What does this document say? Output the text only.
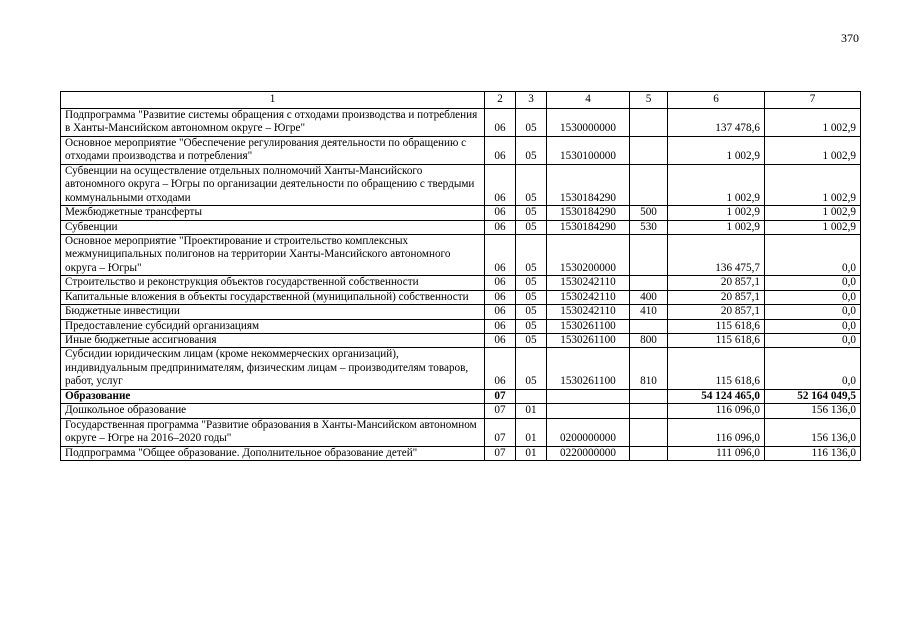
370
1	2	3	4	5	6	7
Подпрограмма "Развитие системы обращения с отходами производства и потребления в Ханты-Мансийском автономном округе – Югре"	06	05	1530000000		137 478,6	1 002,9
Основное мероприятие "Обеспечение регулирования деятельности по обращению с отходами производства и потребления"	06	05	1530100000		1 002,9	1 002,9
Субвенции на осуществление отдельных полномочий Ханты-Мансийского автономного округа – Югры по организации деятельности по обращению с твердыми коммунальными отходами	06	05	1530184290		1 002,9	1 002,9
Межбюджетные трансферты	06	05	1530184290	500	1 002,9	1 002,9
Субвенции	06	05	1530184290	530	1 002,9	1 002,9
Основное мероприятие "Проектирование и строительство комплексных межмуниципальных полигонов на территории Ханты-Мансийского автономного округа – Югры"	06	05	1530200000		136 475,7	0,0
Строительство и реконструкция объектов государственной собственности	06	05	1530242110		20 857,1	0,0
Капитальные вложения в объекты государственной (муниципальной) собственности	06	05	1530242110	400	20 857,1	0,0
Бюджетные инвестиции	06	05	1530242110	410	20 857,1	0,0
Предоставление субсидий организациям	06	05	1530261100		115 618,6	0,0
Иные бюджетные ассигнования	06	05	1530261100	800	115 618,6	0,0
Субсидии юридическим лицам (кроме некоммерческих организаций), индивидуальным предпринимателям, физическим лицам – производителям товаров, работ, услуг	06	05	1530261100	810	115 618,6	0,0
Образование	07				54 124 465,0	52 164 049,5
Дошкольное образование	07	01			116 096,0	156 136,0
Государственная программа "Развитие образования в Ханты-Мансийском автономном округе – Югре на 2016–2020 годы"	07	01	0200000000		116 096,0	156 136,0
Подпрограмма "Общее образование. Дополнительное образование детей"	07	01	0220000000		111 096,0	116 136,0
